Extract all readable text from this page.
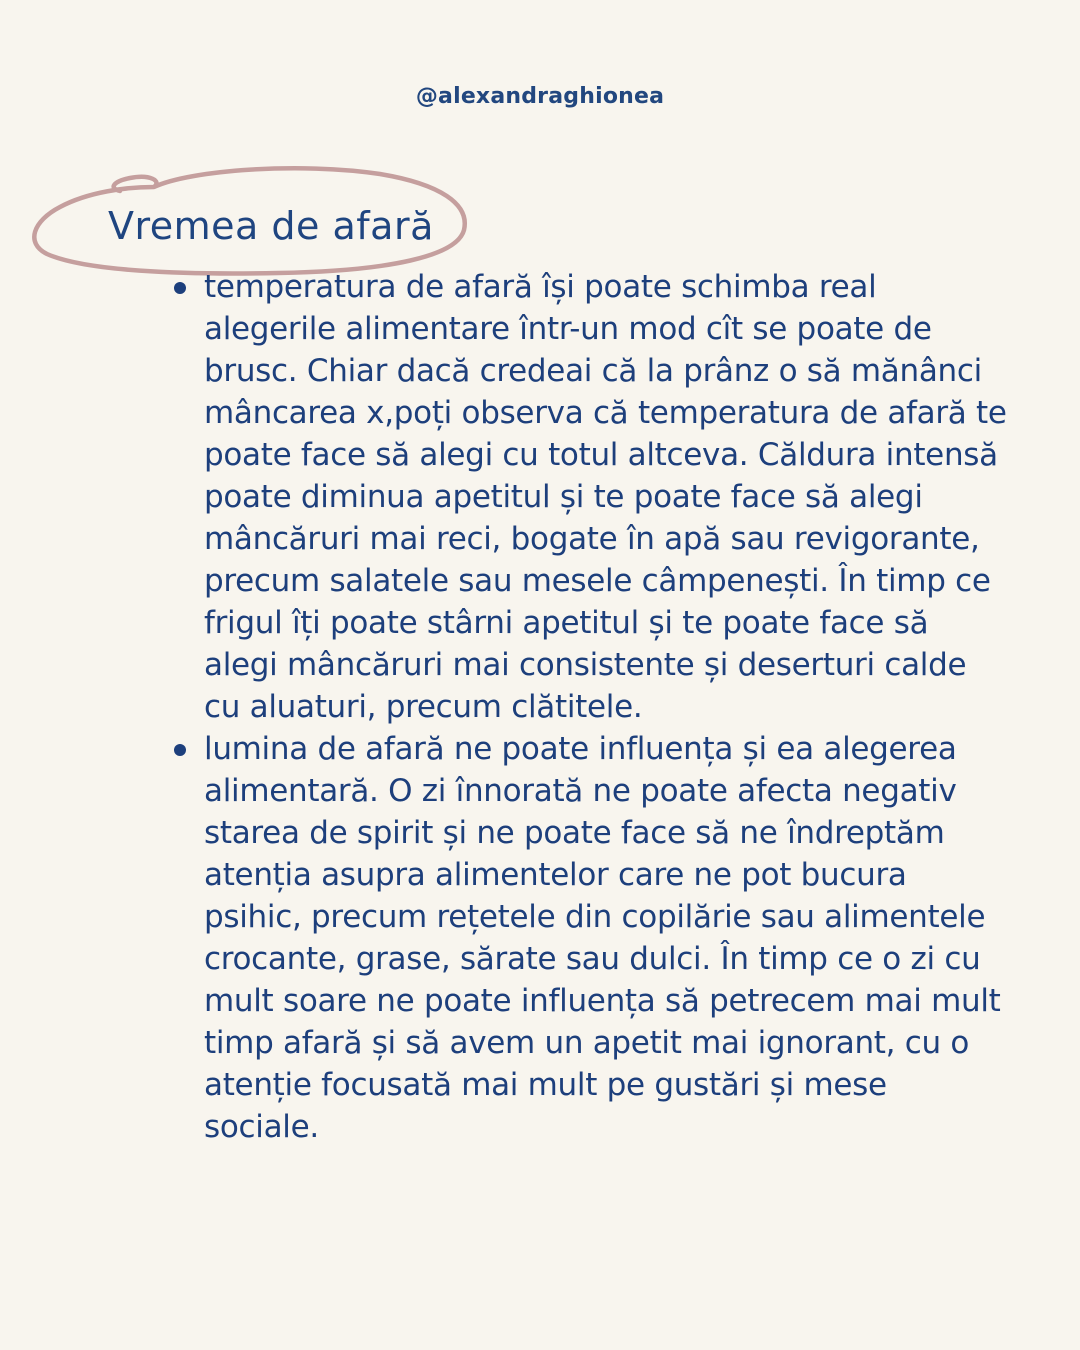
@alexandraghionea
Vremea de afară
temperatura de afară își poate schimba real alegerile alimentare într-un mod cît se poate de brusc. Chiar dacă credeai că la prânz o să mănânci mâncarea x,poți observa că temperatura de afară te poate face să alegi cu totul altceva. Căldura intensă poate diminua apetitul și te poate face să alegi mâncăruri mai reci, bogate în apă sau revigorante, precum salatele sau mesele câmpenești. În timp ce frigul îți poate stârni apetitul și te poate face să alegi mâncăruri mai consistente și deserturi calde cu aluaturi, precum clătitele.
lumina de afară ne poate influența și ea alegerea alimentară. O zi înnorată ne poate afecta negativ starea de spirit și ne poate face să ne îndreptăm atenția asupra alimentelor care ne pot bucura psihic, precum rețetele din copilărie sau alimentele crocante, grase, sărate sau dulci. În timp ce o zi cu mult soare ne poate influența să petrecem mai mult timp afară și să avem un apetit mai ignorant, cu o atenție focusată mai mult pe gustări și mese sociale.
